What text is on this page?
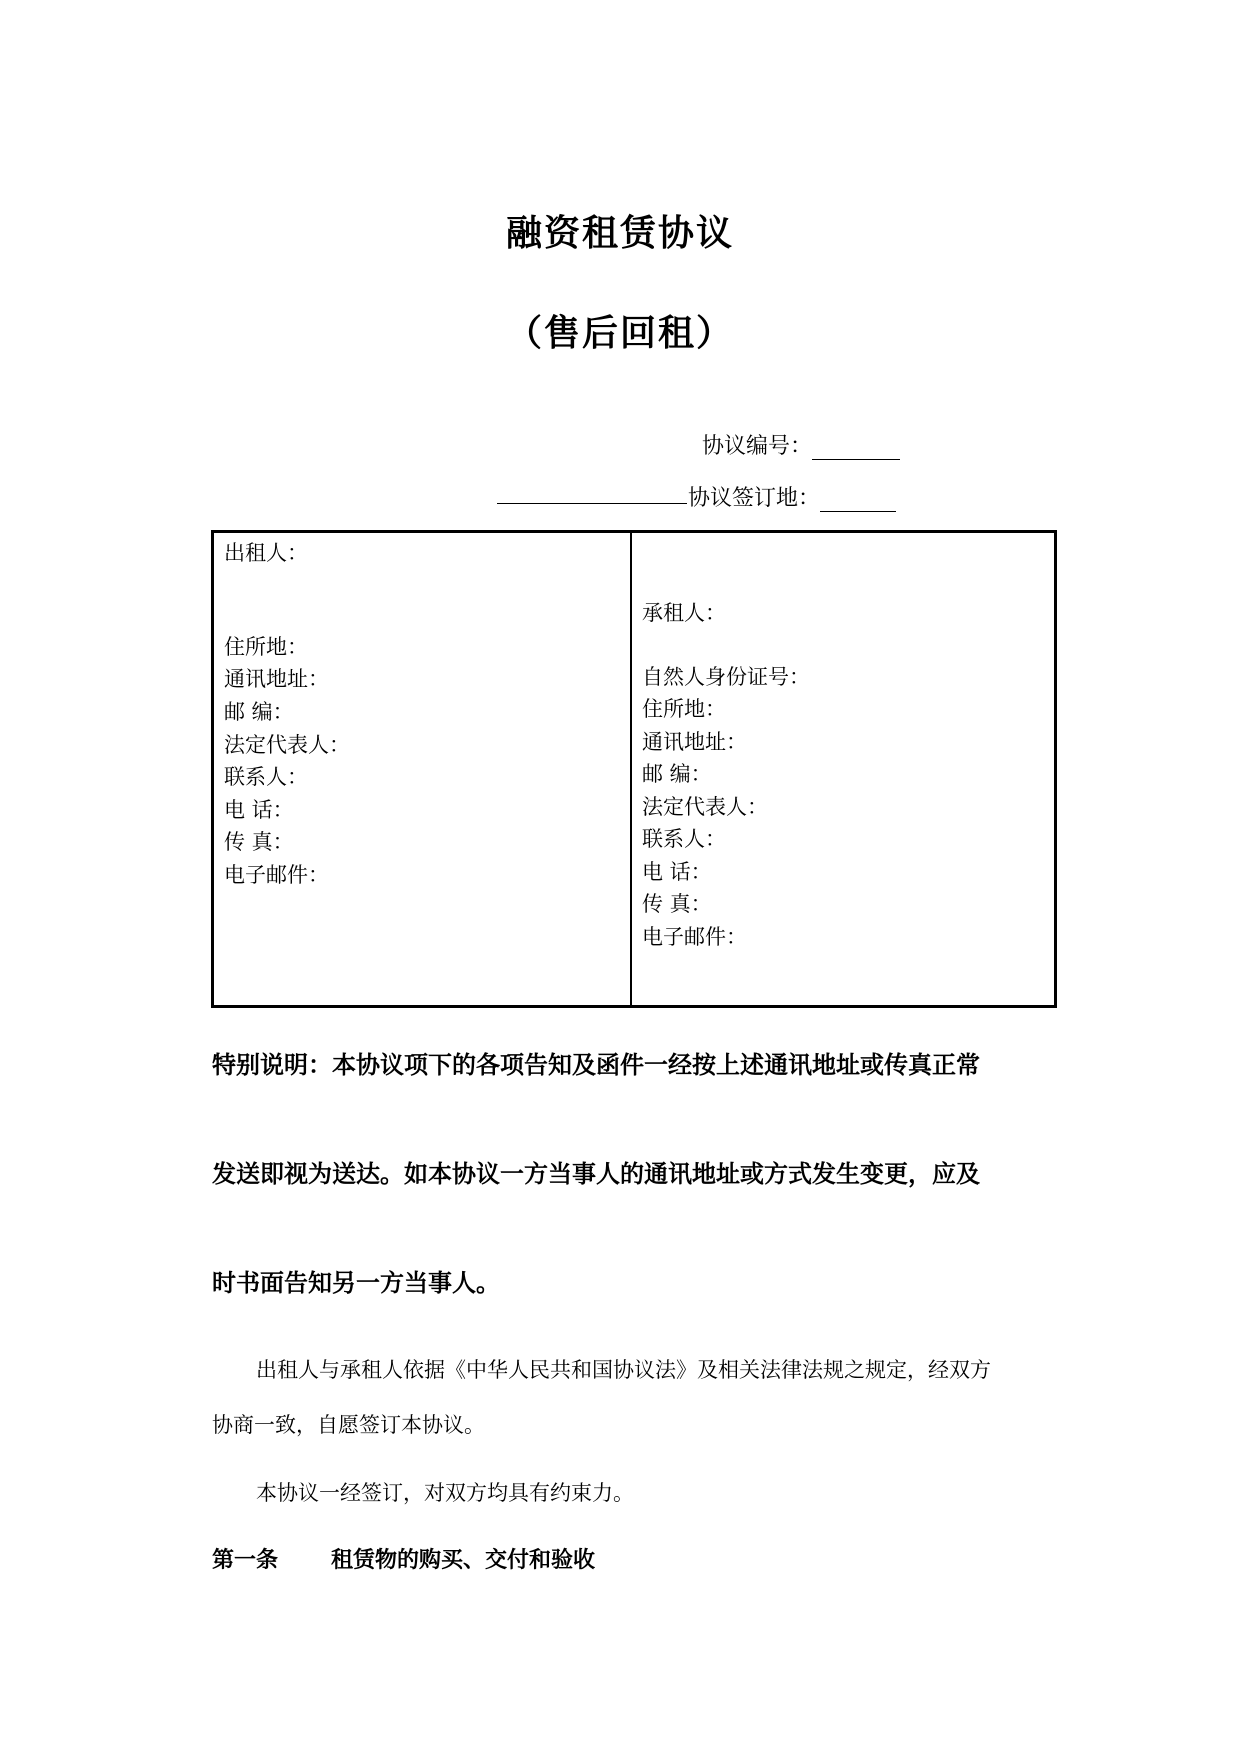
融资租赁协议
（售后回租）
协议编号：
协议签订地：
出租人：
住所地：
通讯地址：
邮 编：
法定代表人：
联系人：
电 话：
传 真：
电子邮件：
承租人：
自然人身份证号：
住所地：
通讯地址：
邮 编：
法定代表人：
联系人：
电 话：
传 真：
电子邮件：
特别说明：本协议项下的各项告知及函件一经按上述通讯地址或传真正常
发送即视为送达。如本协议一方当事人的通讯地址或方式发生变更，应及
时书面告知另一方当事人。
出租人与承租人依据《中华人民共和国协议法》及相关法律法规之规定，经双方
协商一致，自愿签订本协议。
本协议一经签订，对双方均具有约束力。
第一条 租赁物的购买、交付和验收
